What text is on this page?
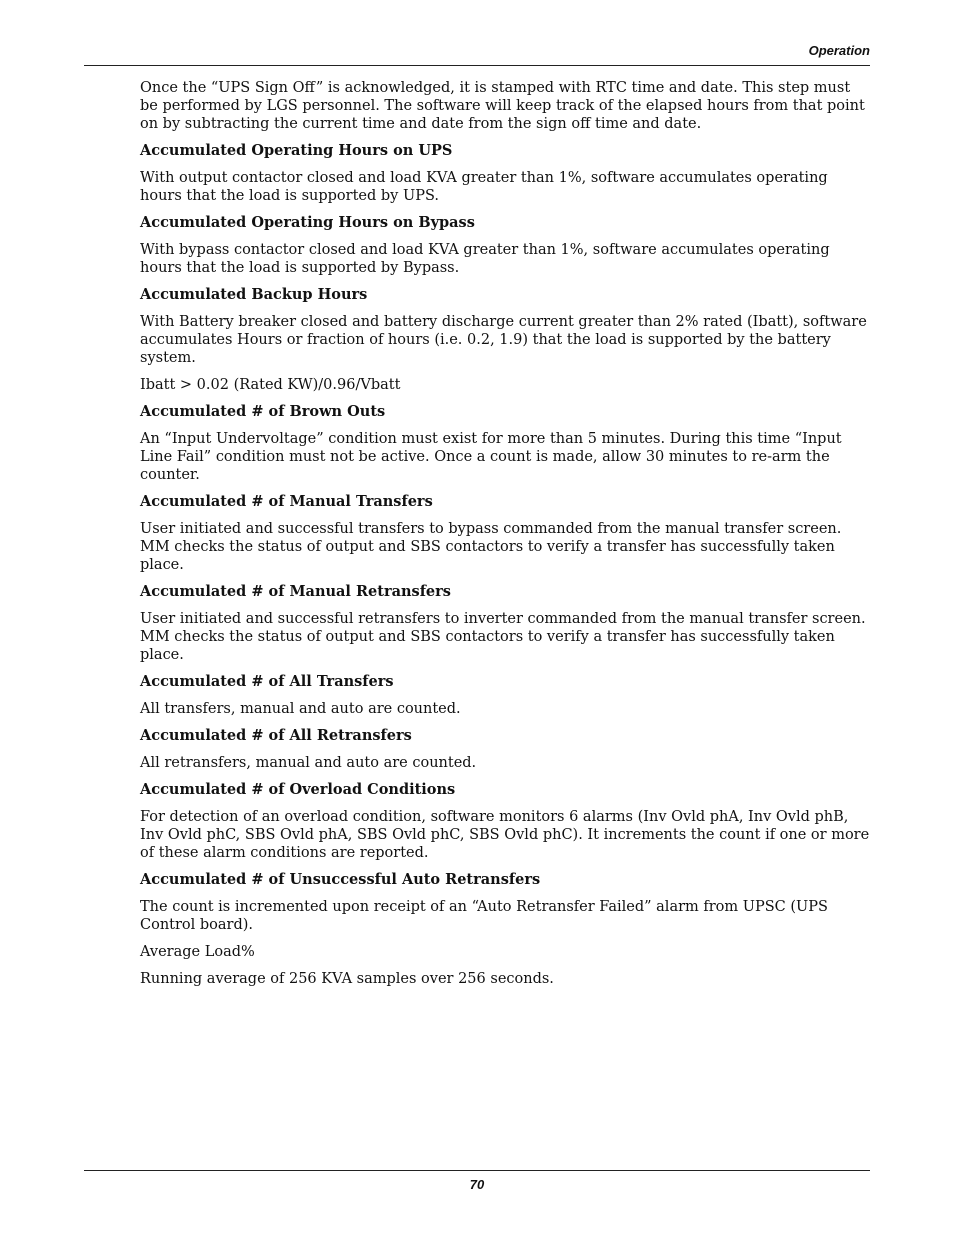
Operation

Once the “UPS Sign Off” is acknowledged, it is stamped with RTC time and date. This step must be performed by LGS personnel. The software will keep track of the elapsed hours from that point on by subtracting the current time and date from the sign off time and date.

Accumulated Operating Hours on UPS

With output contactor closed and load KVA greater than 1%, software accumulates operating hours that the load is supported by UPS.

Accumulated Operating Hours on Bypass

With bypass contactor closed and load KVA greater than 1%, software accumulates operating hours that the load is supported by Bypass.

Accumulated Backup Hours

With Battery breaker closed and battery discharge current greater than 2% rated (Ibatt), software accumulates Hours or fraction of hours (i.e. 0.2, 1.9) that the load is supported by the battery system.

Ibatt > 0.02 (Rated KW)/0.96/Vbatt

Accumulated # of Brown Outs

An “Input Undervoltage” condition must exist for more than 5 minutes. During this time “Input Line Fail” condition must not be active. Once a count is made, allow 30 minutes to re-arm the counter.

Accumulated # of Manual Transfers

User initiated and successful transfers to bypass commanded from the manual transfer screen. MM checks the status of output and SBS contactors to verify a transfer has successfully taken place.

Accumulated # of Manual Retransfers

User initiated and successful retransfers to inverter commanded from the manual transfer screen. MM checks the status of output and SBS contactors to verify a transfer has successfully taken place.

Accumulated # of All Transfers

All transfers, manual and auto are counted.

Accumulated # of All Retransfers

All retransfers, manual and auto are counted.

Accumulated # of Overload Conditions

For detection of an overload condition, software monitors 6 alarms (Inv Ovld phA, Inv Ovld phB, Inv Ovld phC, SBS Ovld phA, SBS Ovld phC, SBS Ovld phC). It increments the count if one or more of these alarm conditions are reported.

Accumulated # of Unsuccessful Auto Retransfers

The count is incremented upon receipt of an “Auto Retransfer Failed” alarm from UPSC (UPS Control board).

Average Load%

Running average of 256 KVA samples over 256 seconds.

70
